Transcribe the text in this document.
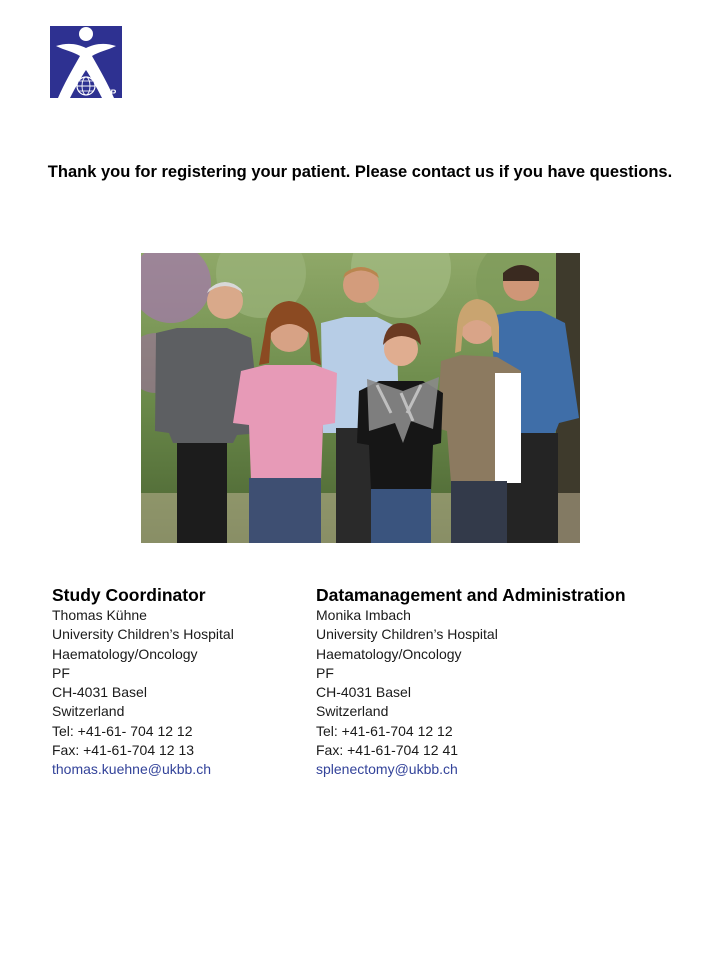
ITP
Thank you for registering your patient. Please contact us if you have questions.
Study Coordinator
Thomas Kühne
University Children’s Hospital
Haematology/Oncology
PF
CH-4031 Basel
Switzerland
Tel: +41-61- 704 12 12
Fax: +41-61-704 12 13
thomas.kuehne@ukbb.ch
Datamanagement and Administration
Monika Imbach
University Children’s Hospital
Haematology/Oncology
PF
CH-4031 Basel
Switzerland
Tel: +41-61-704 12 12
Fax: +41-61-704 12 41
splenectomy@ukbb.ch
